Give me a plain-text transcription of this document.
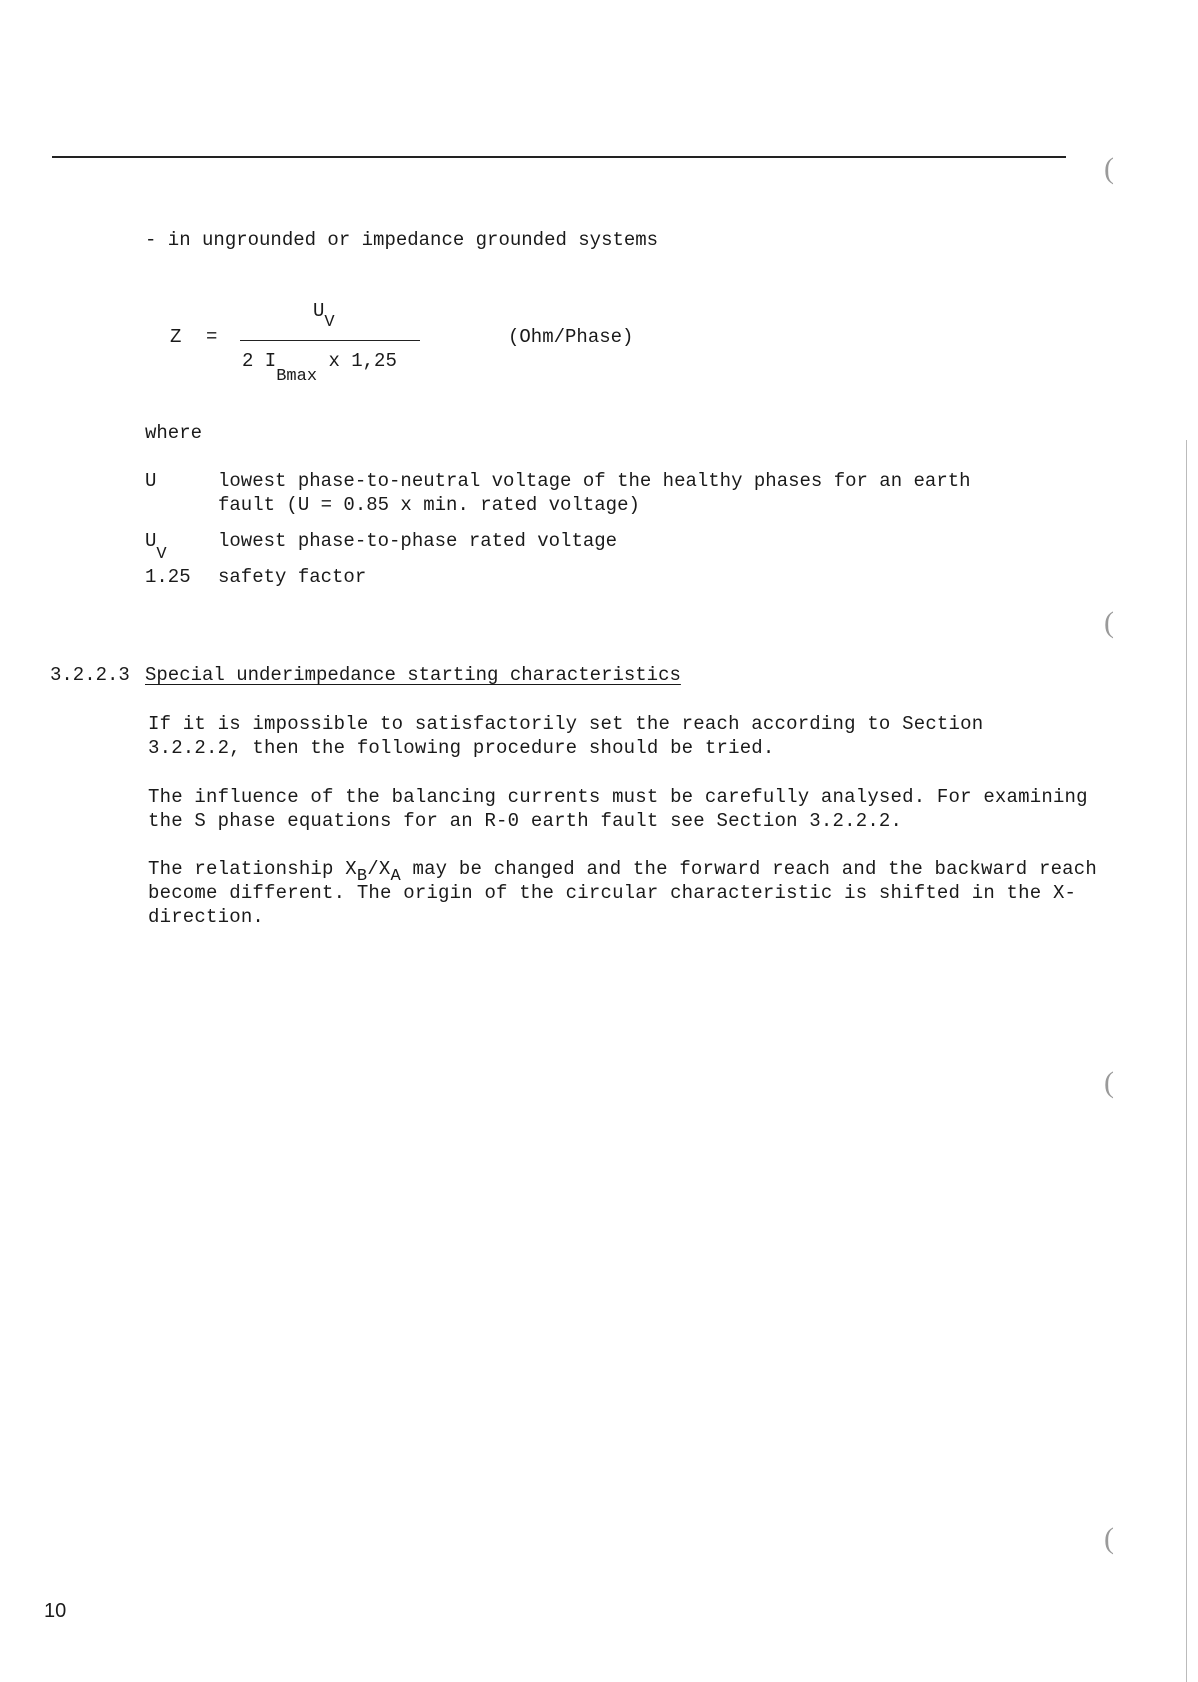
(
(
(
(
- in ungrounded or impedance grounded systems
Z =
$U_V$
2 $I_{Bmax}$ x 1,25
(Ohm/Phase)
where
U	lowest phase-to-neutral voltage of the healthy phases for an earth
fault (U = 0.85 x min. rated voltage)
$U_V$
lowest phase-to-phase rated voltage
1.25 safety factor
3.2.2.3 Special underimpedance starting characteristics
If it is impossible to satisfactorily set the reach according to Section
3.2.2.2, then the following procedure should be tried.
The influence of the balancing currents must be carefully analysed. For examining
the S phase equations for an R-0 earth fault see Section 3.2.2.2.
The relationship $X_B/X_A$ may be changed and the forward reach and the backward reach
become different. The origin of the circular characteristic is shifted in the X-
direction.
10
